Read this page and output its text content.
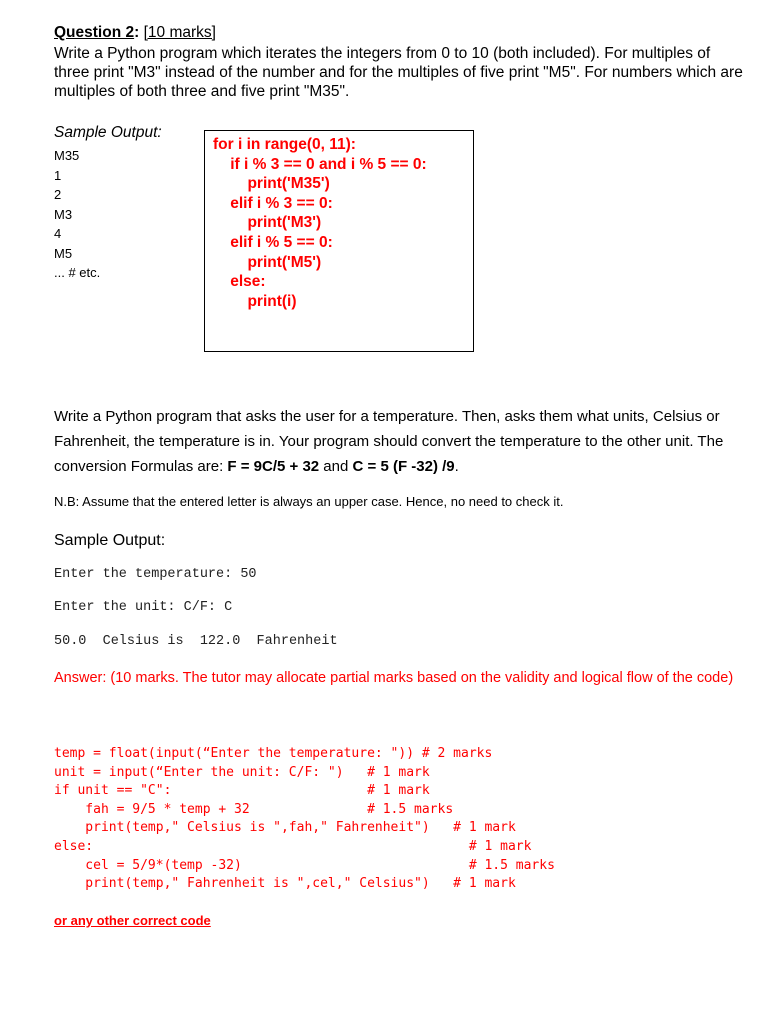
Question 2: [10 marks]
Write a Python program which iterates the integers from 0 to 10 (both included). For multiples of three print "M3" instead of the number and for the multiples of five print "M5". For numbers which are multiples of both three and five print "M35".
Sample Output:
M35
1
2
M3
4
M5
... # etc.
for i in range(0, 11):
if i % 3 == 0 and i % 5 == 0:
print('M35')
elif i % 3 == 0:
print('M3')
elif i % 5 == 0:
print('M5')
else:
print(i)
Write a Python program that asks the user for a temperature. Then, asks them what units, Celsius or Fahrenheit, the temperature is in. Your program should convert the temperature to the other unit. The conversion Formulas are: F = 9C/5 + 32 and C = 5 (F -32) /9.
N.B: Assume that the entered letter is always an upper case. Hence, no need to check it.
Sample Output:
Enter the temperature: 50
Enter the unit: C/F: C
50.0  Celsius is  122.0  Fahrenheit
Answer: (10 marks. The tutor may allocate partial marks based on the validity and logical flow of the code)
temp = float(input(“Enter the temperature: ")) # 2 marks
unit = input(“Enter the unit: C/F: ")   # 1 mark
if unit == "C":                         # 1 mark
fah = 9/5 * temp + 32               # 1.5 marks
print(temp," Celsius is ",fah," Fahrenheit")   # 1 mark
else:                                                # 1 mark
cel = 5/9*(temp -32)                             # 1.5 marks
print(temp," Fahrenheit is ",cel," Celsius")   # 1 mark
or any other correct code
